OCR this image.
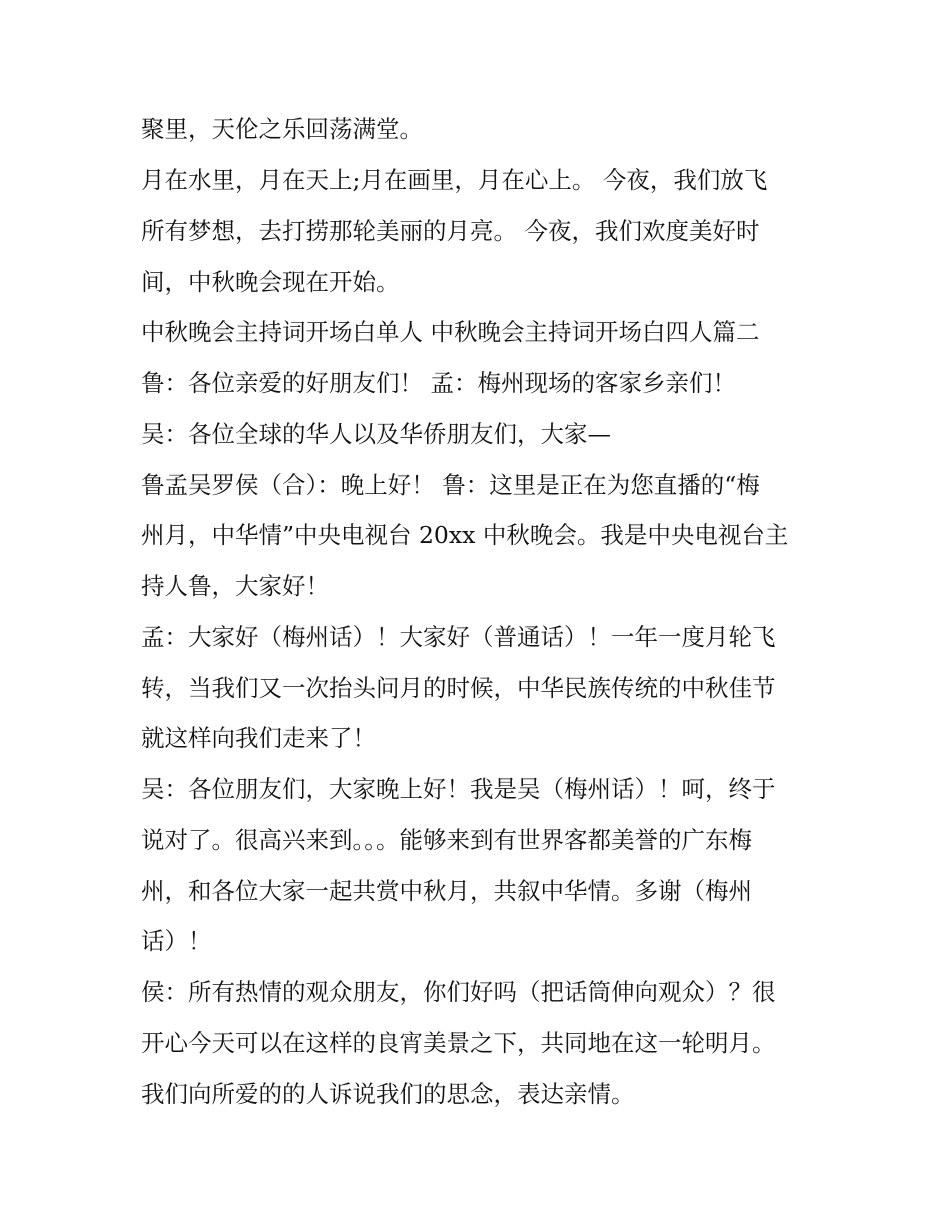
聚里，天伦之乐回荡满堂。
月在水里，月在天上;月在画里，月在心上。 今夜，我们放飞
所有梦想，去打捞那轮美丽的月亮。 今夜，我们欢度美好时
间，中秋晚会现在开始。
中秋晚会主持词开场白单人 中秋晚会主持词开场白四人篇二
鲁：各位亲爱的好朋友们！ 孟：梅州现场的客家乡亲们！
吴：各位全球的华人以及华侨朋友们，大家—
鲁孟吴罗侯（合）：晚上好！ 鲁：这里是正在为您直播的“梅
州月，中华情”中央电视台 20xx 中秋晚会。我是中央电视台主
持人鲁，大家好！
孟：大家好（梅州话）！大家好（普通话）！一年一度月轮飞
转，当我们又一次抬头问月的时候，中华民族传统的中秋佳节
就这样向我们走来了！
吴：各位朋友们，大家晚上好！我是吴（梅州话）！呵，终于
说对了。很高兴来到。。。能够来到有世界客都美誉的广东梅
州，和各位大家一起共赏中秋月，共叙中华情。多谢（梅州
话）！
侯：所有热情的观众朋友，你们好吗（把话筒伸向观众）？很
开心今天可以在这样的良宵美景之下，共同地在这一轮明月。
我们向所爱的的人诉说我们的思念，表达亲情。
